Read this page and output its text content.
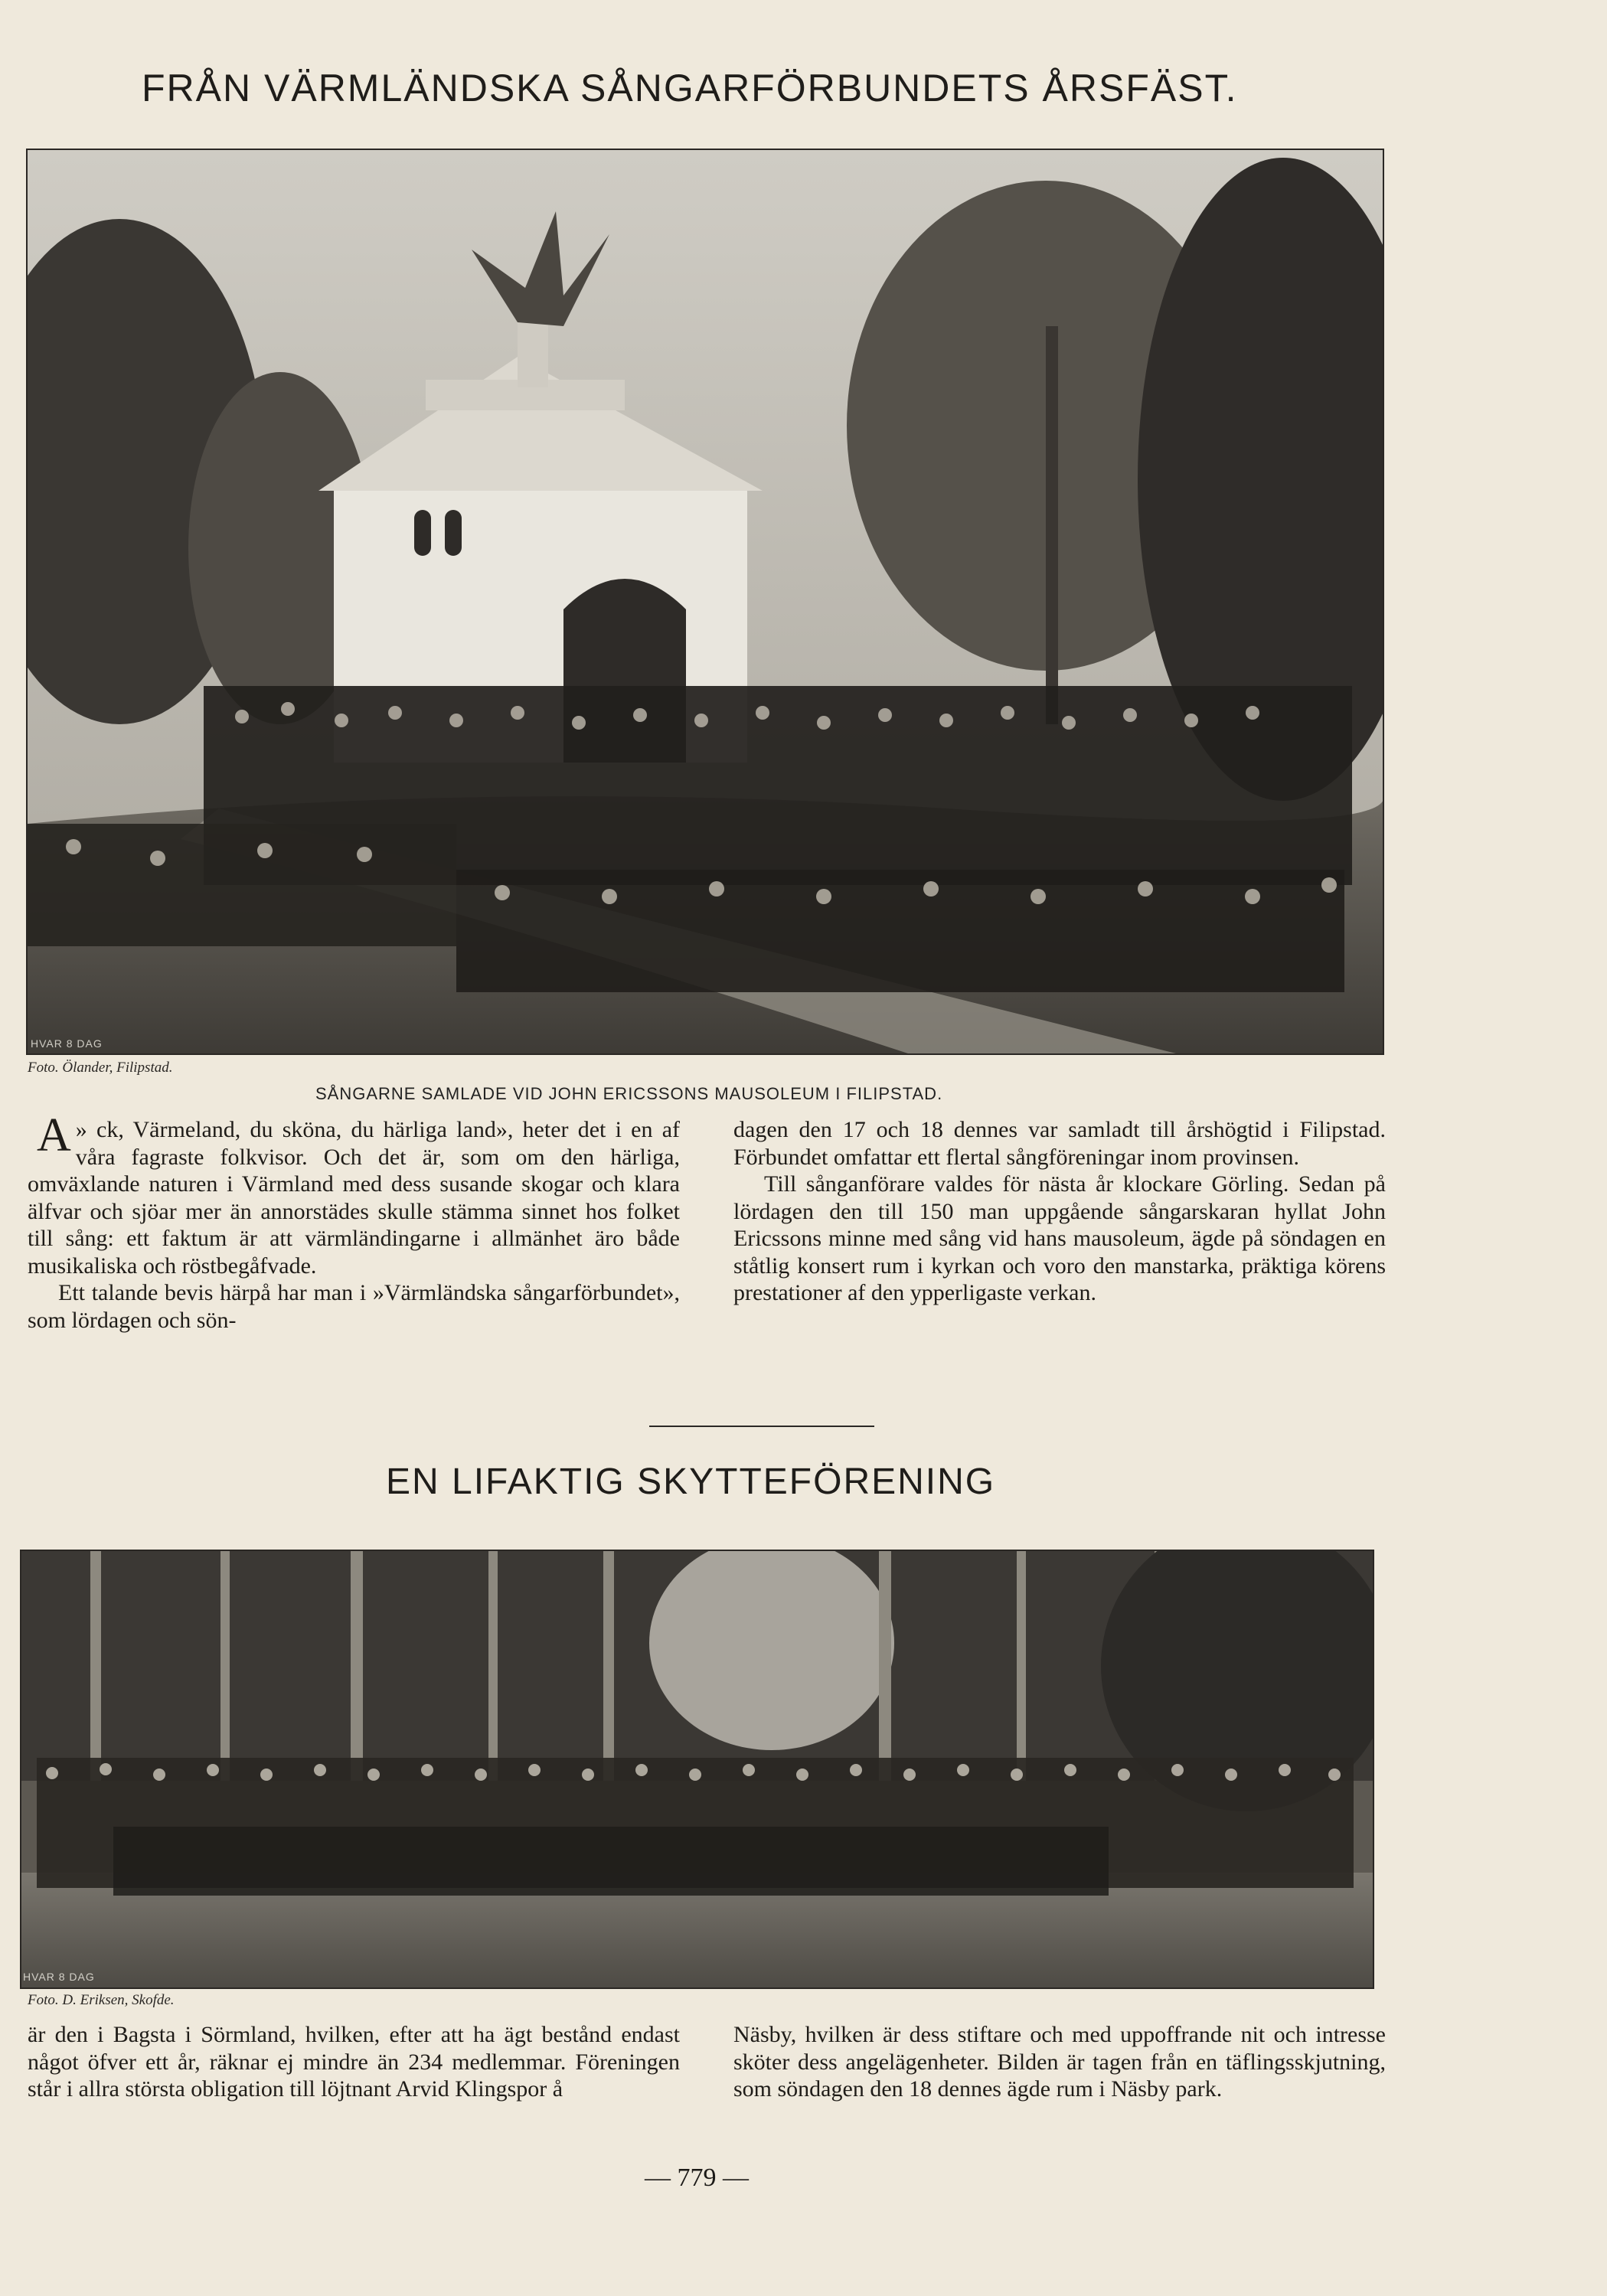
FRÅN VÄRMLÄNDSKA SÅNGARFÖRBUNDETS ÅRSFÄST.
HVAR 8 DAG
Foto. Ölander, Filipstad.
SÅNGARNE SAMLADE VID JOHN ERICSSONS MAUSOLEUM I FILIPSTAD.

»
A ck, Värmeland, du sköna, du härliga land», heter det i en af våra fagraste folkvisor. Och det är, som om den härliga, omväxlande naturen i Värmland med dess susande skogar och klara älfvar och sjöar mer än annorstädes skulle stämma sinnet hos folket till sång: ett faktum är att värmländingarne i allmänhet äro både musikaliska och röstbegåfvade.

Ett talande bevis härpå har man i »Värmländska sångarförbundet», som lördagen och sön-

dagen den 17 och 18 dennes var samladt till årshögtid i Filipstad. Förbundet omfattar ett flertal sångföreningar inom provinsen.

Till sånganförare valdes för nästa år klockare Görling. Sedan på lördagen den till 150 man uppgående sångarskaran hyllat John Ericssons minne med sång vid hans mausoleum, ägde på söndagen en ståtlig konsert rum i kyrkan och voro den manstarka, präktiga körens prestationer af den ypperligaste verkan.

EN LIFAKTIG SKYTTEFÖRENING
HVAR 8 DAG
Foto. D. Eriksen, Skofde.

är den i Bagsta i Sörmland, hvilken, efter att ha ägt bestånd endast något öfver ett år, räknar ej mindre än 234 medlemmar. Föreningen står i allra största obligation till löjtnant Arvid Klingspor å

Näsby, hvilken är dess stiftare och med uppoffrande nit och intresse sköter dess angelägenheter. Bilden är tagen från en täflingsskjutning, som söndagen den 18 dennes ägde rum i Näsby park.

— 779 —
